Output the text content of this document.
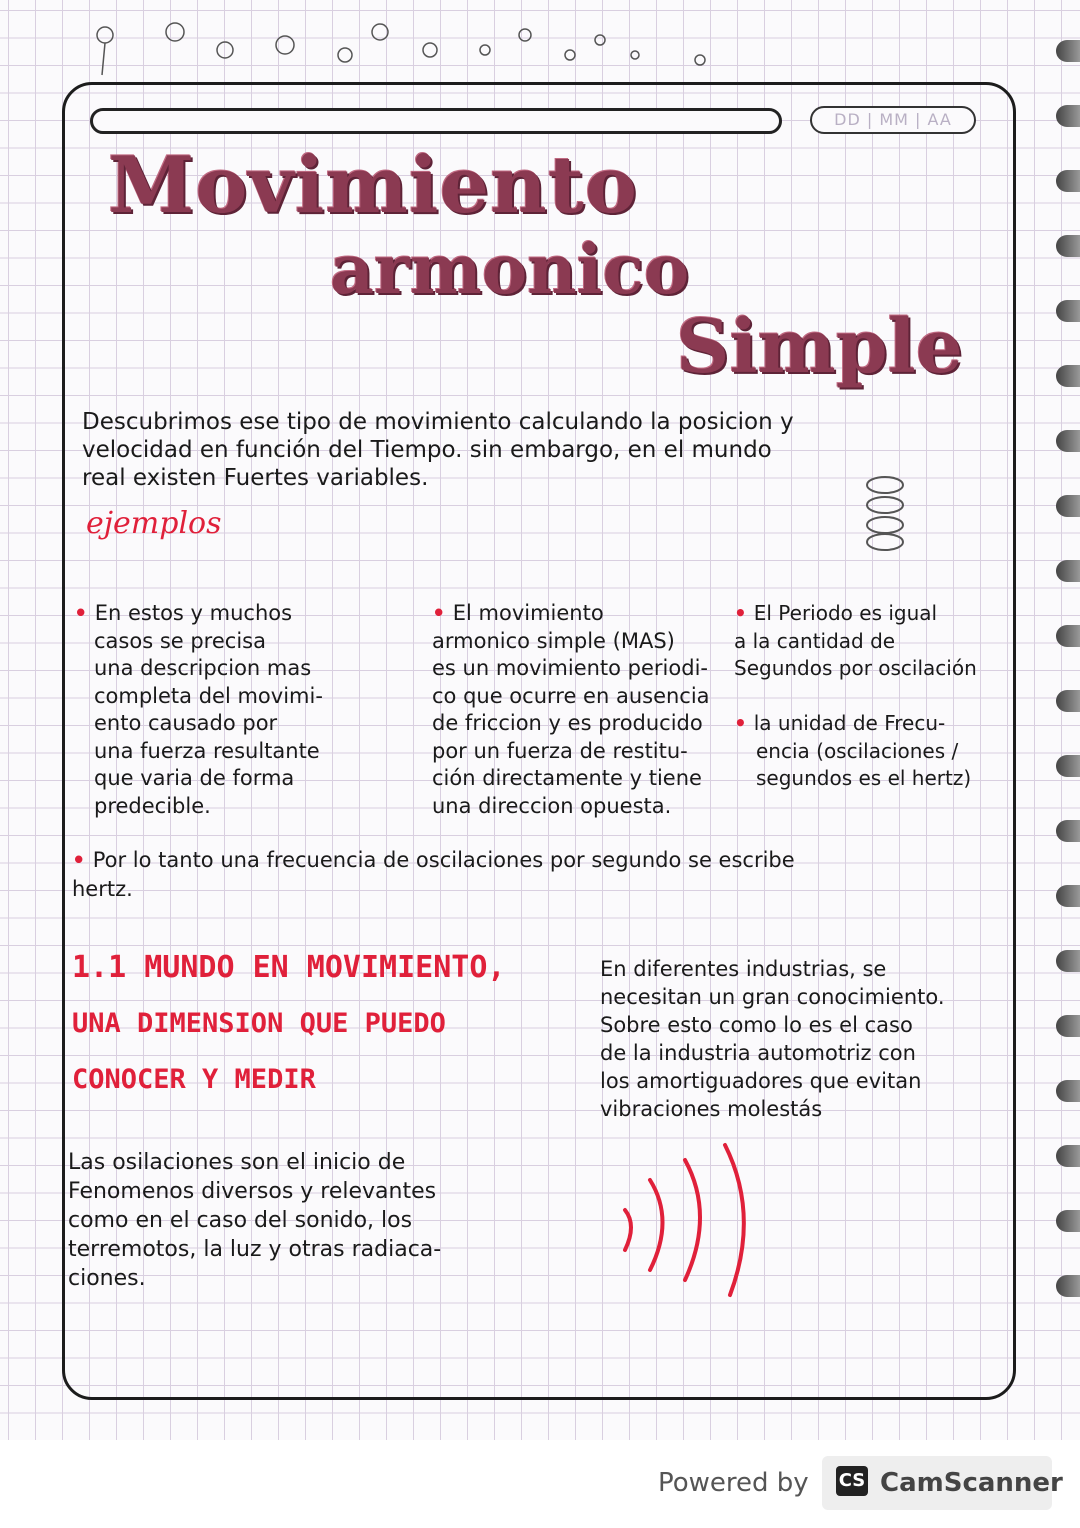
DD | MM | AA
Movimiento
armonico
Simple
Descubrimos ese tipo de movimiento calculando la posicion y
velocidad en función del Tiempo. sin embargo, en el mundo
real existen Fuertes variables.
ejemplos
• En estos y muchos
casos se precisa
una descripcion mas
completa del movimi-
ento causado por
una fuerza resultante
que varia de forma
predecible.
• El movimiento
armonico simple (MAS)
es un movimiento periodi-
co que ocurre en ausencia
de friccion y es producido
por un fuerza de restitu-
ción directamente y tiene
una direccion opuesta.
• El Periodo es igual
a la cantidad de
Segundos por oscilación

• la unidad de Frecu-
encia (oscilaciones /
segundos es el hertz)
• Por lo tanto una frecuencia de oscilaciones por segundo se escribe
hertz.
1.1 MUNDO EN MOVIMIENTO,
UNA DIMENSION QUE PUEDO
CONOCER Y MEDIR
En diferentes industrias, se
necesitan un gran conocimiento.
Sobre esto como lo es el caso
de la industria automotriz con
los amortiguadores que evitan
vibraciones molestás
Las osilaciones son el inicio de
Fenomenos diversos y relevantes
como en el caso del sonido, los
terremotos, la luz y otras radiaca-
ciones.
Powered by CS CamScanner
